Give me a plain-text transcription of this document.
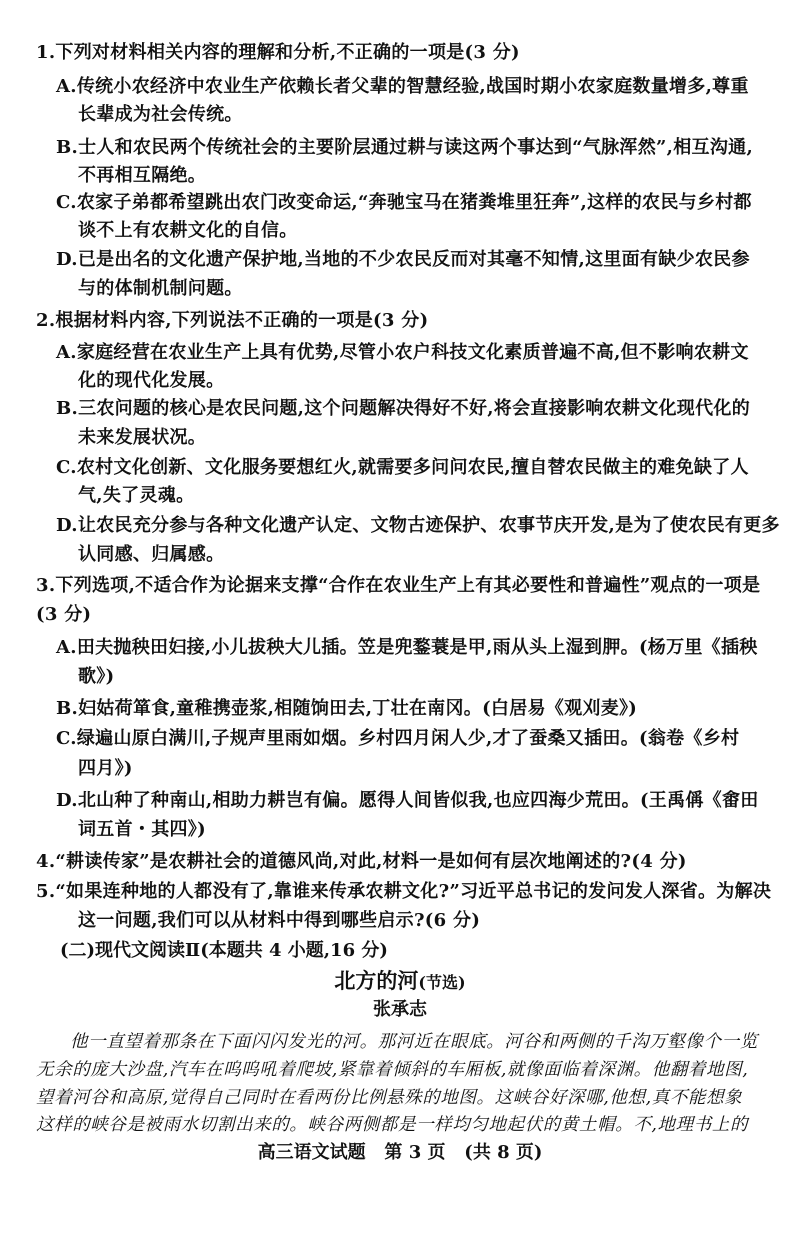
1.下列对材料相关内容的理解和分析,不正确的一项是(3 分)
A.传统小农经济中农业生产依赖长者父辈的智慧经验,战国时期小农家庭数量增多,尊重
长辈成为社会传统。
B.士人和农民两个传统社会的主要阶层通过耕与读这两个事达到“气脉浑然”,相互沟通,
不再相互隔绝。
C.农家子弟都希望跳出农门改变命运,“奔驰宝马在猪粪堆里狂奔”,这样的农民与乡村都
谈不上有农耕文化的自信。
D.已是出名的文化遗产保护地,当地的不少农民反而对其毫不知情,这里面有缺少农民参
与的体制机制问题。
2.根据材料内容,下列说法不正确的一项是(3 分)
A.家庭经营在农业生产上具有优势,尽管小农户科技文化素质普遍不高,但不影响农耕文
化的现代化发展。
B.三农问题的核心是农民问题,这个问题解决得好不好,将会直接影响农耕文化现代化的
未来发展状况。
C.农村文化创新、文化服务要想红火,就需要多问问农民,擅自替农民做主的难免缺了人
气,失了灵魂。
D.让农民充分参与各种文化遗产认定、文物古迹保护、农事节庆开发,是为了使农民有更多
认同感、归属感。
3.下列选项,不适合作为论据来支撑“合作在农业生产上有其必要性和普遍性”观点的一项是
(3 分)
A.田夫抛秧田妇接,小儿拔秧大儿插。笠是兜鍪蓑是甲,雨从头上湿到胛。(杨万里《插秧
歌》)
B.妇姑荷箪食,童稚携壶浆,相随饷田去,丁壮在南冈。(白居易《观刈麦》)
C.绿遍山原白满川,子规声里雨如烟。乡村四月闲人少,才了蚕桑又插田。(翁卷《乡村
四月》)
D.北山种了种南山,相助力耕岂有偏。愿得人间皆似我,也应四海少荒田。(王禹偁《畬田
词五首・其四》)
4.“耕读传家”是农耕社会的道德风尚,对此,材料一是如何有层次地阐述的?(4 分)
5.“如果连种地的人都没有了,靠谁来传承农耕文化?”习近平总书记的发问发人深省。为解决
这一问题,我们可以从材料中得到哪些启示?(6 分)
(二)现代文阅读Ⅱ(本题共 4 小题,16 分)
北方的河(节选)
张承志
他一直望着那条在下面闪闪发光的河。那河近在眼底。河谷和两侧的千沟万壑像个一览
无余的庞大沙盘,汽车在呜呜吼着爬坡,紧靠着倾斜的车厢板,就像面临着深渊。他翻着地图,
望着河谷和高原,觉得自己同时在看两份比例悬殊的地图。这峡谷好深哪,他想,真不能想象
这样的峡谷是被雨水切割出来的。峡谷两侧都是一样均匀地起伏的黄土帽。不,地理书上的
高三语文试题 第 3 页 (共 8 页)
